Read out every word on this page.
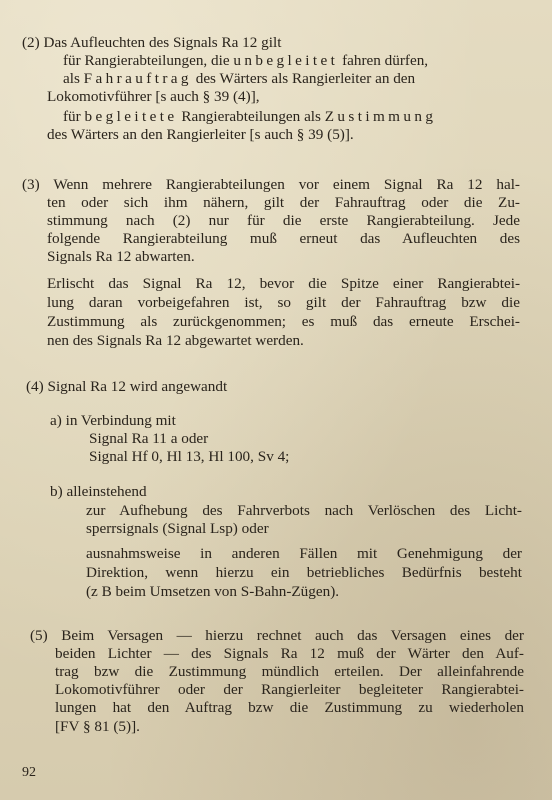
(2) Das Aufleuchten des Signals Ra 12 gilt
für Rangierabteilungen, die unbegleitet fahren dürfen,
als Fahrauftrag des Wärters als Rangierleiter an den
Lokomotivführer [s auch § 39 (4)],
für begleitete Rangierabteilungen als Zustimmung
des Wärters an den Rangierleiter [s auch § 39 (5)].
(3) Wenn mehrere Rangierabteilungen vor einem Signal Ra 12 hal-
ten oder sich ihm nähern, gilt der Fahrauftrag oder die Zu-
stimmung nach (2) nur für die erste Rangierabteilung. Jede
folgende Rangierabteilung muß erneut das Aufleuchten des
Signals Ra 12 abwarten.
Erlischt das Signal Ra 12, bevor die Spitze einer Rangierabtei-
lung daran vorbeigefahren ist, so gilt der Fahrauftrag bzw die
Zustimmung als zurückgenommen; es muß das erneute Erschei-
nen des Signals Ra 12 abgewartet werden.
(4) Signal Ra 12 wird angewandt
a) in Verbindung mit
Signal Ra 11 a oder
Signal Hf 0, Hl 13, Hl 100, Sv 4;
b) alleinstehend
zur Aufhebung des Fahrverbots nach Verlöschen des Licht-
sperrsignals (Signal Lsp) oder
ausnahmsweise in anderen Fällen mit Genehmigung der
Direktion, wenn hierzu ein betriebliches Bedürfnis besteht
(z B beim Umsetzen von S-Bahn-Zügen).
(5) Beim Versagen — hierzu rechnet auch das Versagen eines der
beiden Lichter — des Signals Ra 12 muß der Wärter den Auf-
trag bzw die Zustimmung mündlich erteilen. Der alleinfahrende
Lokomotivführer oder der Rangierleiter begleiteter Rangierabtei-
lungen hat den Auftrag bzw die Zustimmung zu wiederholen
[FV § 81 (5)].
92
